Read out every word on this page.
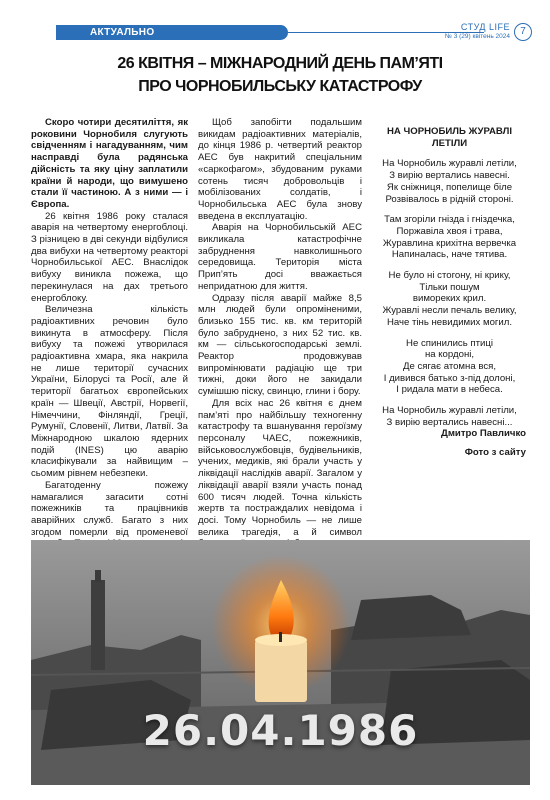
АКТУАЛЬНО	СТУД LIFE
№ 3 (29) квітень 2024	7
26 КВІТНЯ – МІЖНАРОДНИЙ ДЕНЬ ПАМ’ЯТІ
ПРО ЧОРНОБИЛЬСЬКУ КАТАСТРОФУ

Скоро чотири десятиліття, як роковини Чорнобиля слугують свідченням і нагадуванням, чим насправді була радянська дійсність та яку ціну заплатили країни й народи, що вимушено стали її частиною. А з ними — і Європа.

26 квітня 1986 року сталася аварія на четвертому енергоблоці. З різницею в дві секунди відбулися два вибухи на четвертому реакторі Чорнобильської АЕС. Внаслідок вибуху виникла пожежа, що перекинулася на дах третього енергоблоку.

Величезна кількість радіоактивних речовин було викинута в атмосферу. Після вибуху та пожежі утворилася радіоактивна хмара, яка накрила не лише території сучасних України, Білорусі та Росії, але й території багатьох європейських країн — Швеції, Австрії, Норвегії, Німеччини, Фінляндії, Греції, Румунії, Словенії, Литви, Латвії. За Міжнародною шкалою ядерних подій (INES) цю аварію класифікували за найвищим – сьомим рівнем небезпеки.

Багатоденну пожежу намагалися загасити сотні пожежників та працівників аварійних служб. Багато з них згодом померли від променевої

Щоб запобігти подальшим викидам радіоактивних матеріалів, до кінця 1986 р. четвертий реактор АЕС був накритий спеціальним «саркофагом», збудованим руками сотень тисяч добровольців і мобілізованих солдатів, і Чорнобильська АЕС була знову введена в експлуатацію.

Аварія на Чорнобильській АЕС викликала катастрофічне забруднення навколишнього середовища. Територія міста Прип’ять досі вважається непридатною для життя.

Одразу після аварії майже 8,5 млн людей були опроміненими, близько 155 тис. кв. км територій було забруднено, з них 52 тис. кв. км — сільськогосподарські землі. Реактор продовжував випромінювати радіацію ще три тижні, доки його не закидали сумішшю піску, свинцю, глини і бору.

Для всіх нас 26 квітня є днем пам’яті про найбільшу техногенну катастрофу та вшанування героїзму персоналу ЧАЕС, пожежників, військовослужбовців, будівельників, учених, медиків, які брали участь у ліквідації наслідків аварії. Загалом у ліквідації аварії взяли участь понад 600 тисяч людей. Точна кількість жертв та постраждалих невідома і досі. Тому Чорнобиль — не лише велика трагедія, а й символ

НА ЧОРНОБИЛЬ ЖУРАВЛІ ЛЕТІЛИ
На Чорнобиль журавлі летіли,
З вирію вертались навесні.
Як сніжниця, попелище біле
Розвівалось в рідній стороні.
Там згоріли гнізда і гніздечка,
Поржавіла хвоя і трава,
Журавлина крихітна вервечка
Напиналась, наче тятива.
Не було ні стогону, ні крику,
Тільки пошум
вимореких крил.
Журавлі несли печаль велику,
Наче тінь невидимих могил.
Не спинились птиці
на кордоні,
Де сягає атомна вся,
І дивився батько з-під долоні,
І ридала мати в небеса.
На Чорнобиль журавлі летіли,
З вирію вертались навесні...
Дмитро Павличко
Фото з сайту
26.04.1986
